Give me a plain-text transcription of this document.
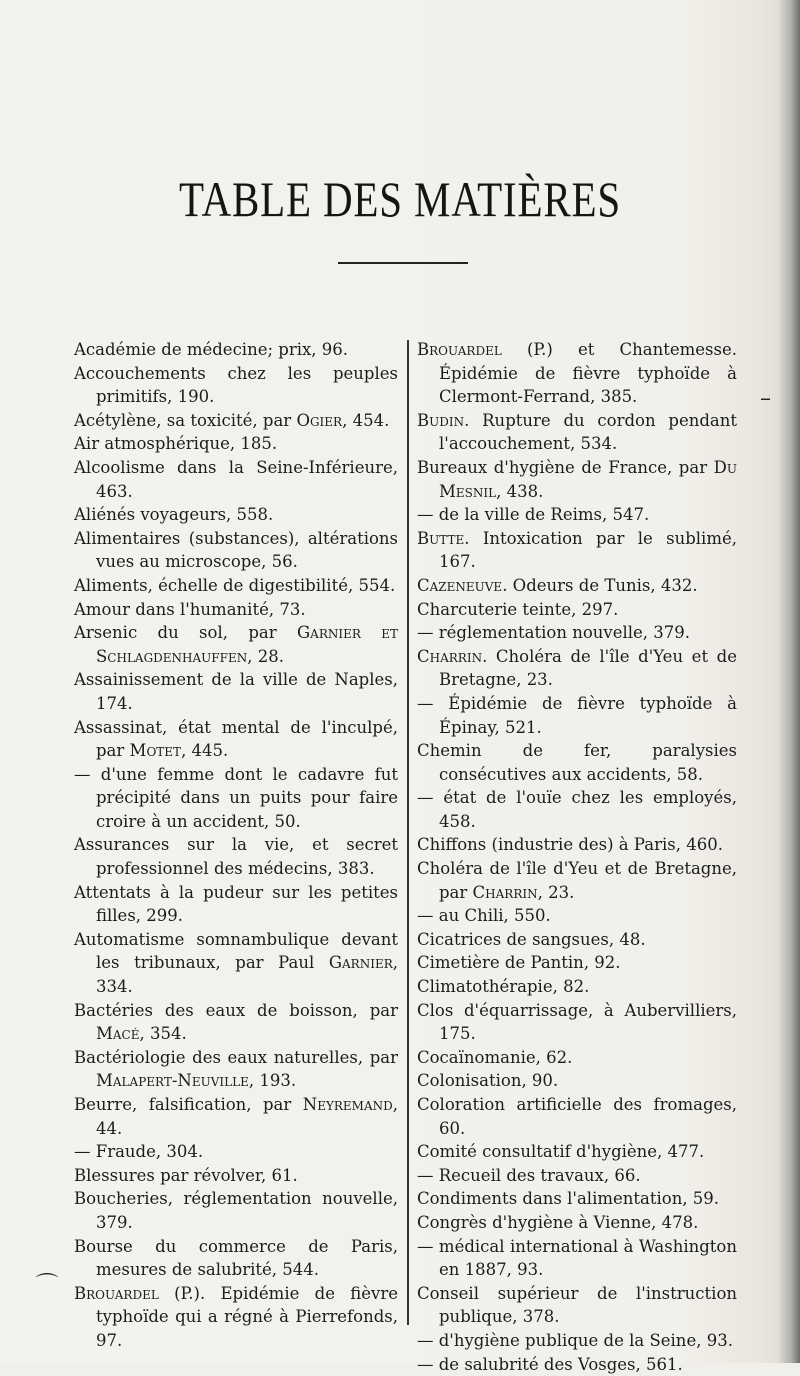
TABLE DES MATIÈRES

Académie de médecine; prix, 96.

Accouchements chez les peuples primitifs, 190.

Acétylène, sa toxicité, par Ogier, 454.

Air atmosphérique, 185.

Alcoolisme dans la Seine-Inférieure, 463.

Aliénés voyageurs, 558.

Alimentaires (substances), altérations vues au microscope, 56.

Aliments, échelle de digestibilité, 554.

Amour dans l'humanité, 73.

Arsenic du sol, par Garnier et Schlagdenhauffen, 28.

Assainissement de la ville de Naples, 174.

Assassinat, état mental de l'inculpé, par Motet, 445.

— d'une femme dont le cadavre fut précipité dans un puits pour faire croire à un accident, 50.

Assurances sur la vie, et secret professionnel des médecins, 383.

Attentats à la pudeur sur les petites filles, 299.

Automatisme somnambulique devant les tribunaux, par Paul Garnier, 334.

Bactéries des eaux de boisson, par Macé, 354.

Bactériologie des eaux naturelles, par Malapert-Neuville, 193.

Beurre, falsification, par Neyremand, 44.

— Fraude, 304.

Blessures par révolver, 61.

Boucheries, réglementation nouvelle, 379.

Bourse du commerce de Paris, mesures de salubrité, 544.

Brouardel (P.). Epidémie de fièvre typhoïde qui a régné à Pierrefonds, 97.

Brouardel (P.) et Chantemesse. Épidémie de fièvre typhoïde à Clermont-Ferrand, 385.

Budin. Rupture du cordon pendant l'accouchement, 534.

Bureaux d'hygiène de France, par Du Mesnil, 438.

— de la ville de Reims, 547.

Butte. Intoxication par le sublimé, 167.

Cazeneuve. Odeurs de Tunis, 432.

Charcuterie teinte, 297.

— réglementation nouvelle, 379.

Charrin. Choléra de l'île d'Yeu et de Bretagne, 23.

— Épidémie de fièvre typhoïde à Épinay, 521.

Chemin de fer, paralysies consécutives aux accidents, 58.

— état de l'ouïe chez les employés, 458.

Chiffons (industrie des) à Paris, 460.

Choléra de l'île d'Yeu et de Bretagne, par Charrin, 23.

— au Chili, 550.

Cicatrices de sangsues, 48.

Cimetière de Pantin, 92.

Climatothérapie, 82.

Clos d'équarrissage, à Aubervilliers, 175.

Cocaïnomanie, 62.

Colonisation, 90.

Coloration artificielle des fromages, 60.

Comité consultatif d'hygiène, 477.

— Recueil des travaux, 66.

Condiments dans l'alimentation, 59.

Congrès d'hygiène à Vienne, 478.

— médical international à Washington en 1887, 93.

Conseil supérieur de l'instruction publique, 378.

— d'hygiène publique de la Seine, 93.

— de salubrité des Vosges, 561.

⌒
–
